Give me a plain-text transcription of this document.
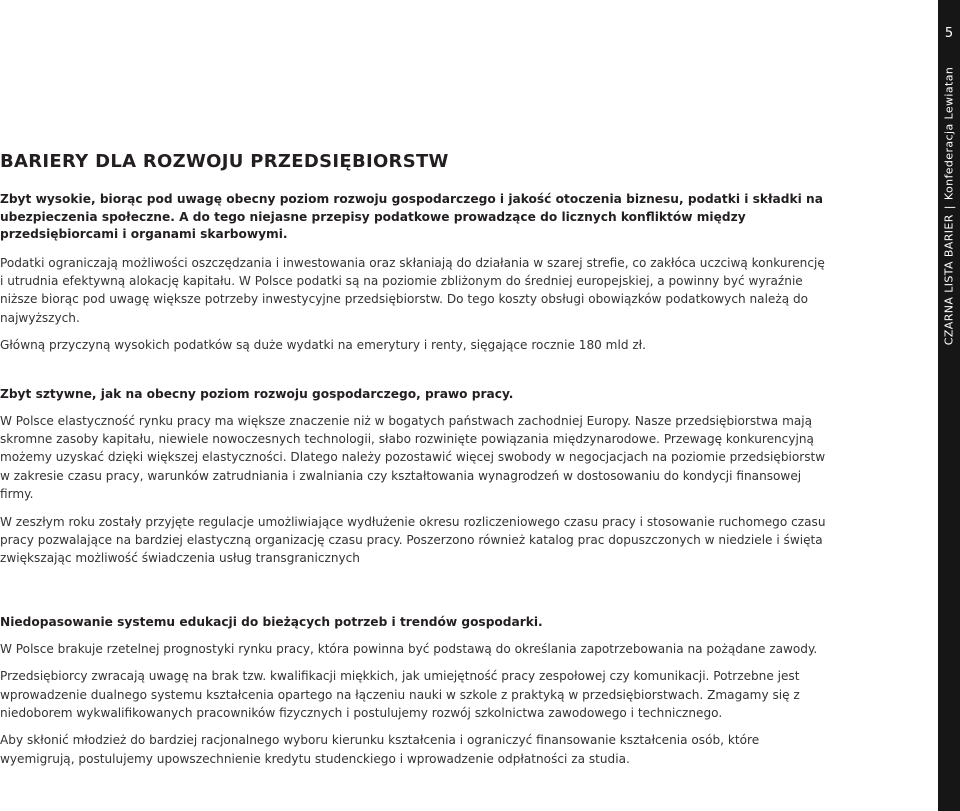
BARIERY DLA ROZWOJU PRZEDSIĘBIORSTW

Zbyt wysokie, biorąc pod uwagę obecny poziom rozwoju gospodarczego i jakość otoczenia biznesu, podatki i składki na ubezpieczenia społeczne. A do tego niejasne przepisy podatkowe prowadzące do licznych konfliktów między przedsiębiorcami i organami skarbowymi.

Podatki ograniczają możliwości oszczędzania i inwestowania oraz skłaniają do działania w szarej strefie, co zakłóca uczciwą konkurencję i utrudnia efektywną alokację kapitału. W Polsce podatki są na poziomie zbliżonym do średniej europejskiej, a powinny być wyraźnie niższe biorąc pod uwagę większe potrzeby inwestycyjne przedsiębiorstw. Do tego koszty obsługi obowiązków podatkowych należą do najwyższych.

Główną przyczyną wysokich podatków są duże wydatki na emerytury i renty, sięgające rocznie 180 mld zł.

Zbyt sztywne, jak na obecny poziom rozwoju gospodarczego, prawo pracy.

W Polsce elastyczność rynku pracy ma większe znaczenie niż w bogatych państwach zachodniej Europy. Nasze przedsiębiorstwa mają skromne zasoby kapitału, niewiele nowoczesnych technologii, słabo rozwinięte powiązania międzynarodowe. Przewagę konkurencyjną możemy uzyskać dzięki większej elastyczności. Dlatego należy pozostawić więcej swobody w negocjacjach na poziomie przedsiębiorstw w zakresie czasu pracy, warunków zatrudniania i zwalniania czy kształtowania wynagrodzeń w dostosowaniu do kondycji finansowej firmy.

W zeszłym roku zostały przyjęte regulacje umożliwiające wydłużenie okresu rozliczeniowego czasu pracy i stosowanie ruchomego czasu pracy pozwalające na bardziej elastyczną organizację czasu pracy. Poszerzono również katalog prac dopuszczonych w niedziele i święta zwiększając możliwość świadczenia usług transgranicznych

Niedopasowanie systemu edukacji do bieżących potrzeb i trendów gospodarki.

W Polsce brakuje rzetelnej prognostyki rynku pracy, która powinna być podstawą do określania zapotrzebowania na pożądane zawody.

Przedsiębiorcy zwracają uwagę na brak tzw. kwalifikacji miękkich, jak umiejętność pracy zespołowej czy komunikacji. Potrzebne jest wprowadzenie dualnego systemu kształcenia opartego na łączeniu nauki w szkole z praktyką w przedsiębiorstwach. Zmagamy się z niedoborem wykwalifikowanych pracowników fizycznych i postulujemy rozwój szkolnictwa zawodowego i technicznego.

Aby skłonić młodzież do bardziej racjonalnego wyboru kierunku kształcenia i ograniczyć finansowanie kształcenia osób, które wyemigrują, postulujemy upowszechnienie kredytu studenckiego i wprowadzenie odpłatności za studia.

5
CZARNA LISTA BARIER|Konfederacja Lewiatan
